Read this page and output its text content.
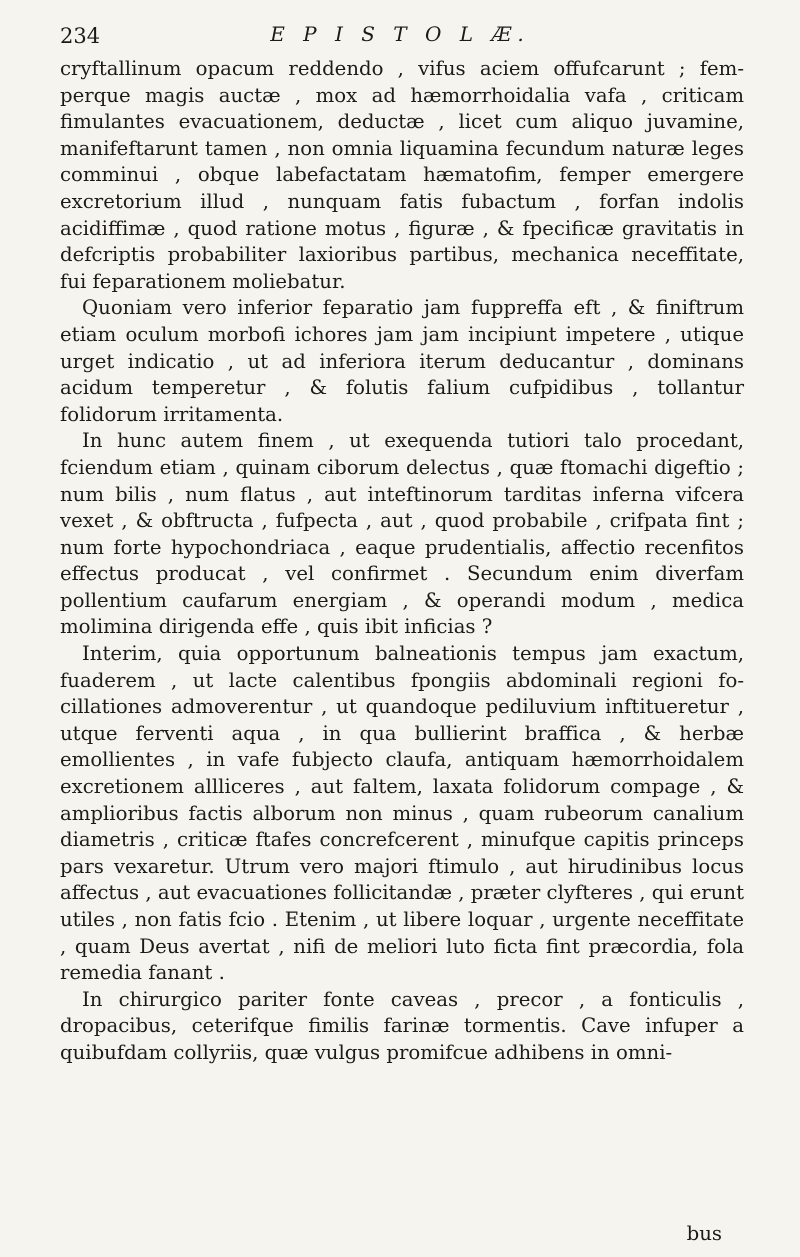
234	E P I S T O L Æ.

cryftallinum opacum reddendo , vifus aciem offufcarunt ; femperque magis auctæ , mox ad hæmorrhoidalia vafa , criticam fimulantes evacuationem, deductæ , licet cum aliquo juvamine, manifeftarunt tamen , non omnia liquamina fecundum naturæ leges comminui , obque labefactatam hæmatofim, femper emergere excretorium illud , nunquam fatis fubactum , forfan indolis acidiffimæ , quod ratione motus , figuræ , & fpecificæ gravitatis in defcriptis probabiliter laxioribus partibus, mechanica neceffitate, fui feparationem moliebatur.

Quoniam vero inferior feparatio jam fuppreffa eft , & finiftrum etiam oculum morbofi ichores jam jam incipiunt impetere , utique urget indicatio , ut ad inferiora iterum deducantur , dominans acidum temperetur , & folutis falium cufpidibus , tollantur folidorum irritamenta.

In hunc autem finem , ut exequenda tutiori talo procedant, fciendum etiam , quinam ciborum delectus , quæ ftomachi digeftio ; num bilis , num flatus , aut inteftinorum tarditas inferna vifcera vexet , & obftructa , fufpecta , aut , quod probabile , crifpata fint ; num forte hypochondriaca , eaque prudentialis, affectio recenfitos effectus producat , vel confirmet . Secundum enim diverfam pollentium caufarum energiam , & operandi modum , medica molimina dirigenda effe , quis ibit inficias ?

Interim, quia opportunum balneationis tempus jam exactum, fuaderem , ut lacte calentibus fpongiis abdominali regioni focillationes admoverentur , ut quandoque pediluvium inftitueretur , utque ferventi aqua , in qua bullierint braffica , & herbæ emollientes , in vafe fubjecto claufa, antiquam hæmorrhoidalem excretionem allliceres , aut faltem, laxata folidorum compage , & amplioribus factis alborum non minus , quam rubeorum canalium diametris , criticæ ftafes concrefcerent , minufque capitis princeps pars vexaretur. Utrum vero majori ftimulo , aut hirudinibus locus affectus , aut evacuationes follicitandæ , præter clyfteres , qui erunt utiles , non fatis fcio . Etenim , ut libere loquar , urgente neceffitate , quam Deus avertat , nifi de meliori luto ficta fint præcordia, fola remedia fanant .

In chirurgico pariter fonte caveas , precor , a fonticulis , dropacibus, ceterifque fimilis farinæ tormentis. Cave infuper a quibufdam collyriis, quæ vulgus promifcue adhibens in omni-

bus
